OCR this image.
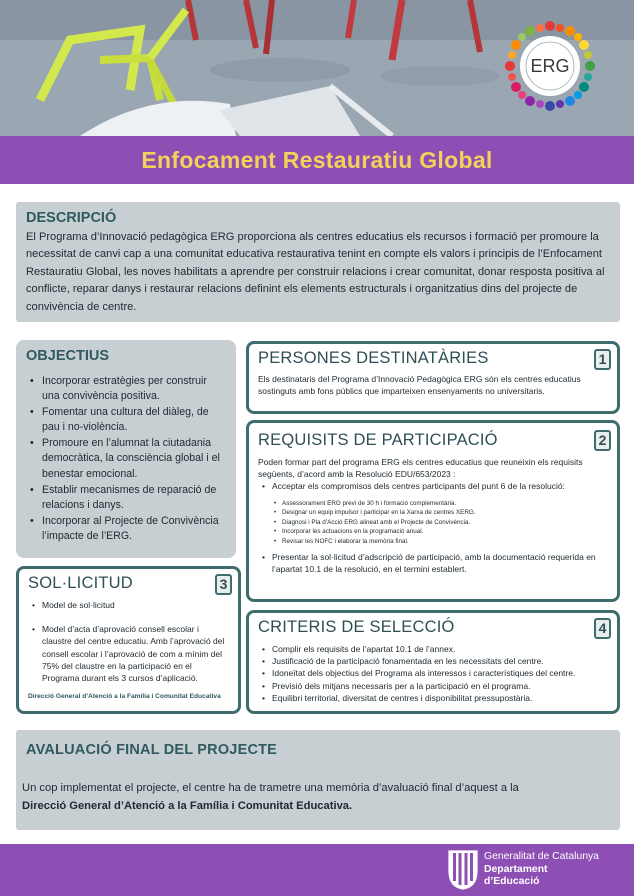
ERG
Enfocament Restauratiu Global
DESCRIPCIÓ
El Programa d’Innovació pedagògica ERG proporciona als centres educatius els recursos i formació per promoure la necessitat de canvi cap a una comunitat educativa restaurativa tenint en compte els valors i principis de l’Enfocament Restauratiu Global, les noves habilitats a aprendre per construir relacions i crear comunitat, donar resposta positiva al conflicte, reparar danys i restaurar relacions definint els elements estructurals i organitzatius dins del projecte de convivència de centre.
OBJECTIUS
• Incorporar estratègies per construir una convivència positiva.
• Fomentar una cultura del diàleg, de pau i no-violència.
• Promoure en l’alumnat la ciutadania democràtica, la consciència global i el benestar emocional.
• Establir mecanismes de reparació de relacions i danys.
• Incorporar al Projecte de Convivència l’impacte de l’ERG.
PERSONES DESTINATÀRIES	1
Els destinataris del Programa d’Innovació Pedagògica ERG són els centres educatius sostinguts amb fons públics que imparteixen ensenyaments no universitaris.
REQUISITS DE PARTICIPACIÓ	2
Poden formar part del programa ERG els centres educatius que reuneixin els requisits següents, d’acord amb la Resolució EDU/653/2023 :
• Acceptar els compromisos dels centres participants del punt 6 de la resolució:
• Assessorament ERG previ de 30 h i formació complementària.
• Designar un equip impulsor i participar en la Xarxa de centres XERG.
• Diagnosi i Pla d’Acció ERG alineat amb el Projecte de Convivència.
• Incorporar les actuacions en la programació anual.
• Revisar les NOFC i elaborar la memòria final.
• Presentar la sol·licitud d’adscripció de participació, amb la documentació requerida en l’apartat 10.1 de la resolució, en el termini establert.
SOL·LICITUD	3
• Model de sol·licitud
• Model d’acta d’aprovació consell escolar i claustre del centre educatiu. Amb l’aprovació del consell escolar i l’aprovació de com a mínim del 75% del claustre en la participació en el Programa durant els 3 cursos d’aplicació.
Direcció General d’Atenció a la Família i Comunitat Educativa
CRITERIS DE SELECCIÓ	4
• Complir els requisits de l’apartat 10.1 de l’annex.
• Justificació de la participació fonamentada en les necessitats del centre.
• Idoneïtat dels objectius del Programa als interessos i característiques del centre.
• Previsió dels mitjans necessaris per a la participació en el programa.
• Equilibri territorial, diversitat de centres i disponibilitat pressupostària.
AVALUACIÓ FINAL DEL PROJECTE
Un cop implementat el projecte, el centre ha de trametre una memòria d’avaluació final d’aquest a la
Direcció General d’Atenció a la Família i Comunitat Educativa.
Generalitat de Catalunya
Departament
d’Educació
